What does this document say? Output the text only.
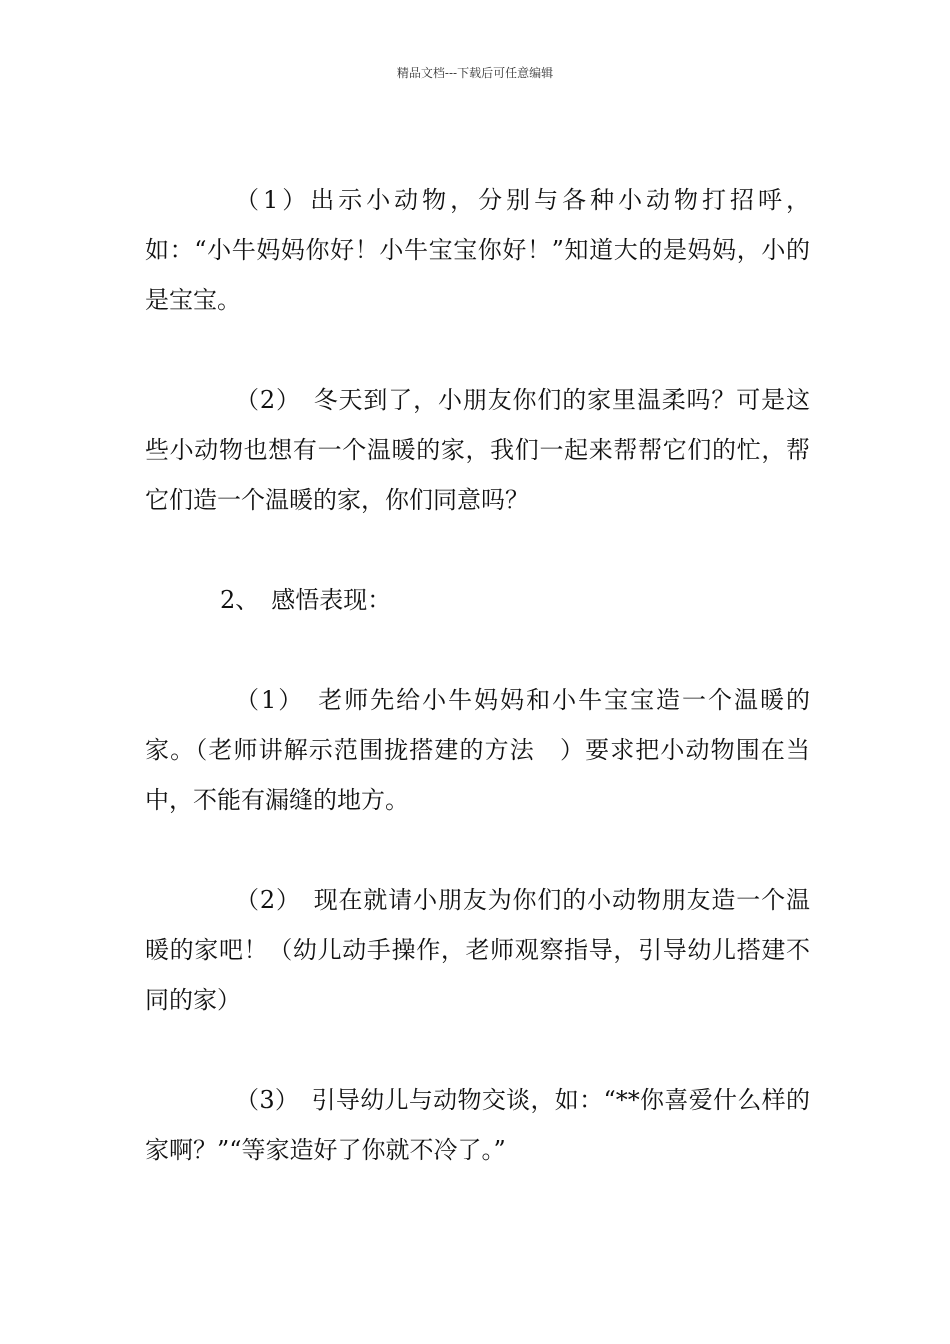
精品文档---下载后可任意编辑

（1）出示小动物，分别与各种小动物打招呼，如：“小牛妈妈你好！小牛宝宝你好！”知道大的是妈妈，小的是宝宝。

（2）　冬天到了，小朋友你们的家里温柔吗？可是这些小动物也想有一个温暖的家，我们一起来帮帮它们的忙，帮它们造一个温暖的家，你们同意吗？

2、　感悟表现：

（1）　老师先给小牛妈妈和小牛宝宝造一个温暖的家。（老师讲解示范围拢搭建的方法　）要求把小动物围在当中，不能有漏缝的地方。

（2）　现在就请小朋友为你们的小动物朋友造一个温暖的家吧！（幼儿动手操作，老师观察指导，引导幼儿搭建不同的家）

（3）　引导幼儿与动物交谈，如：“**你喜爱什么样的家啊？”“等家造好了你就不冷了。”
